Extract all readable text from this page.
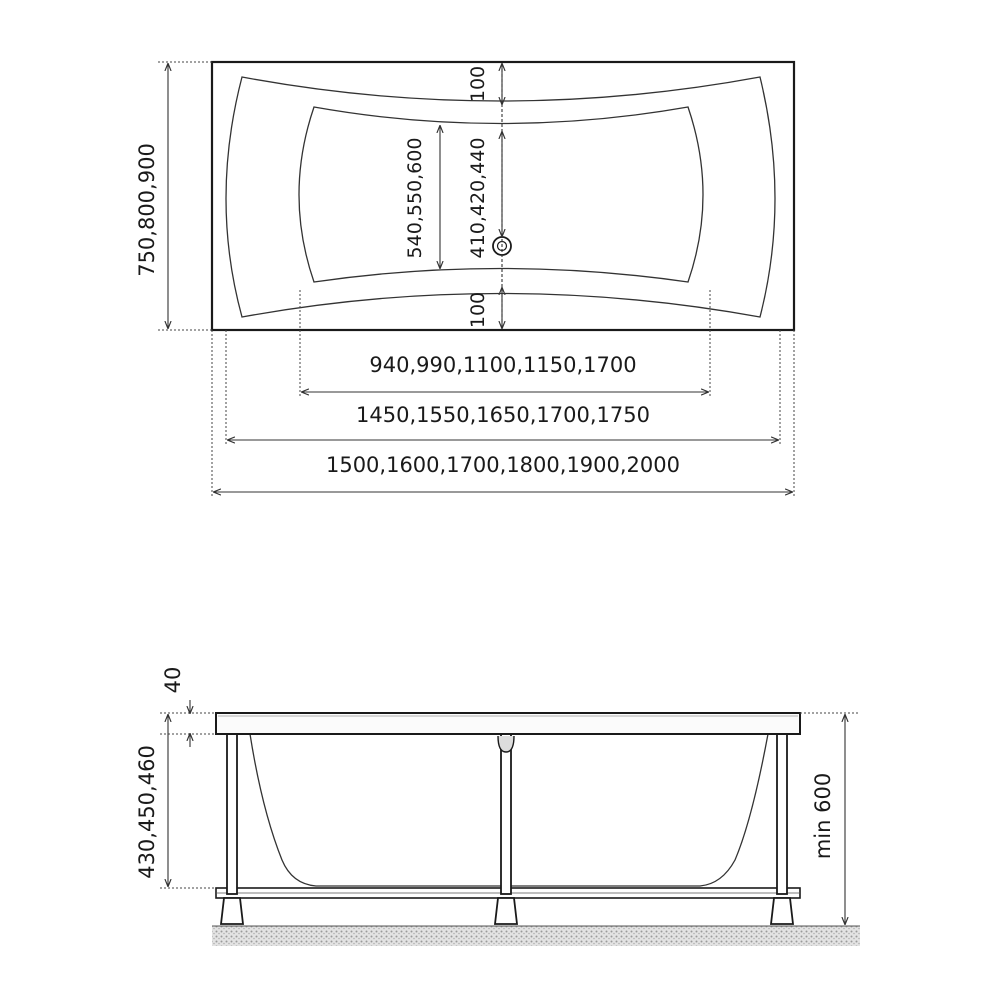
100
410,420,440
100
540,550,600
750,800,900
940,990,1100,1150,1700
1450,1550,1650,1700,1750
1500,1600,1700,1800,1900,2000
40
430,450,460	min 600
